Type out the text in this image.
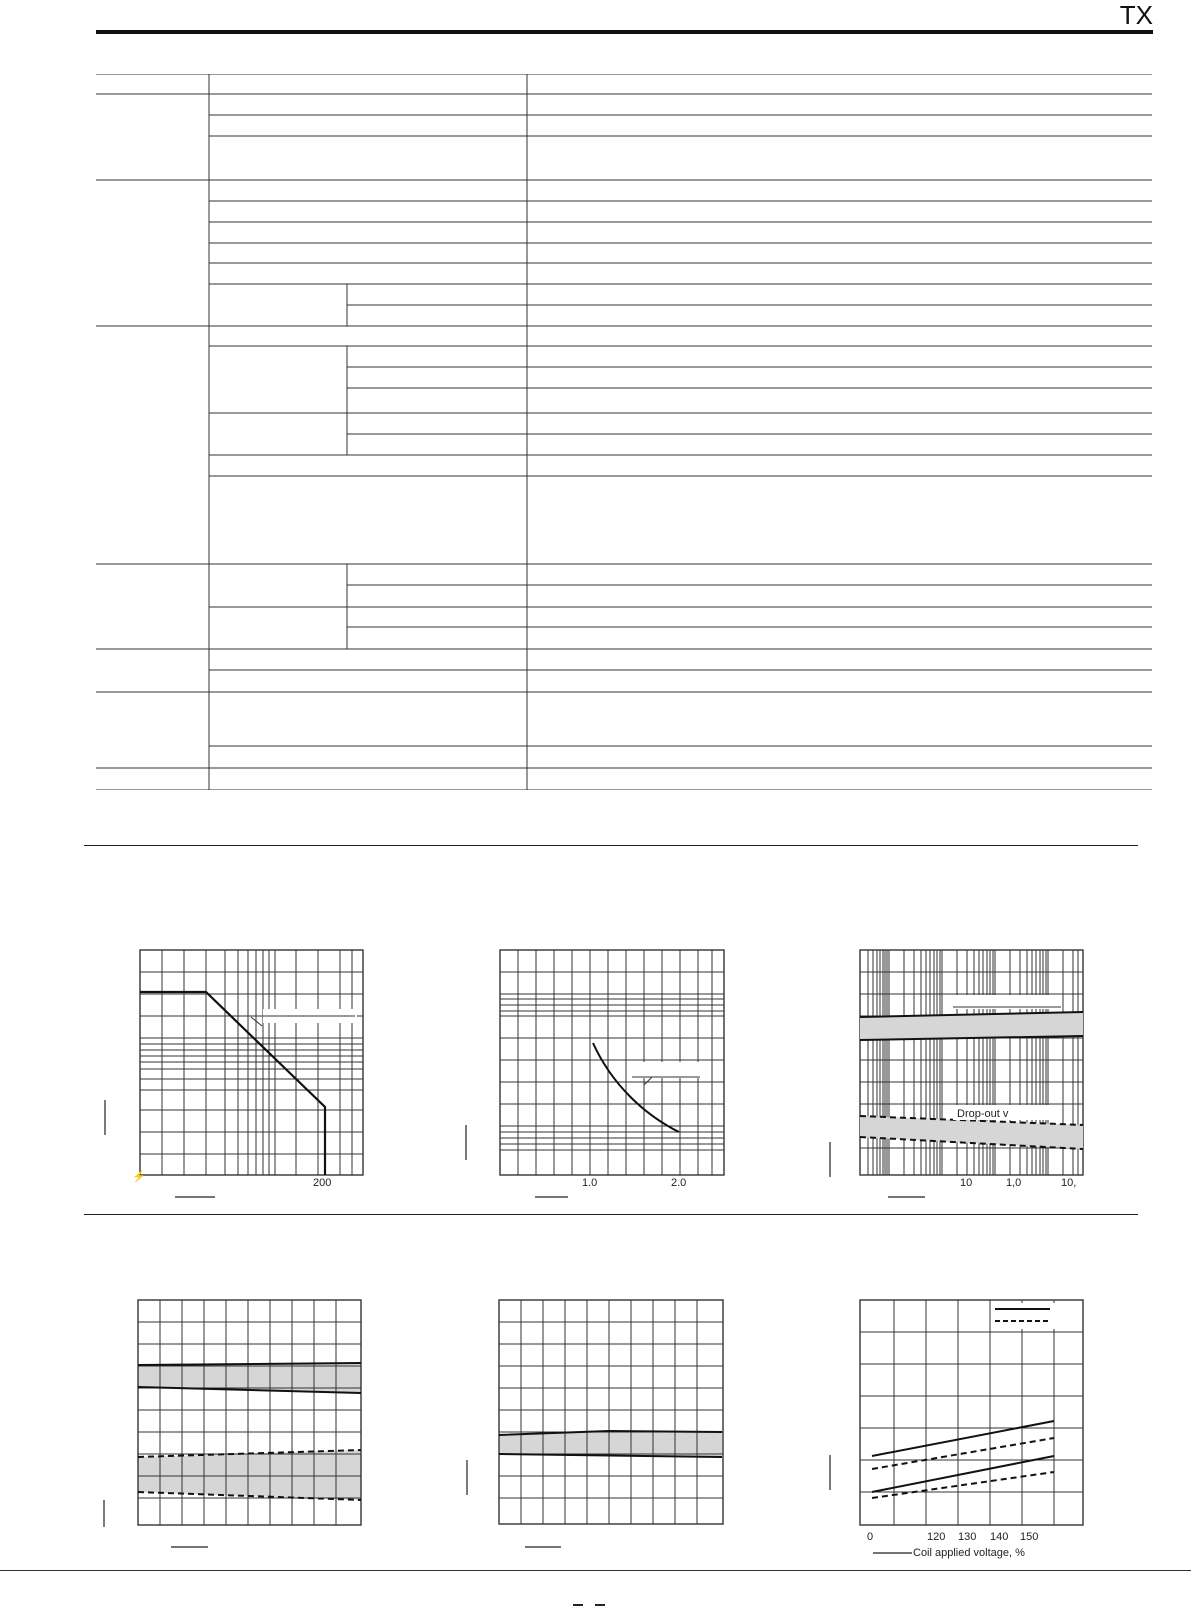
TX
⚡	200	1.0	2.0
Drop-out v
10	1,0	10,
0	120 130 140 150
Coil applied voltage, %
